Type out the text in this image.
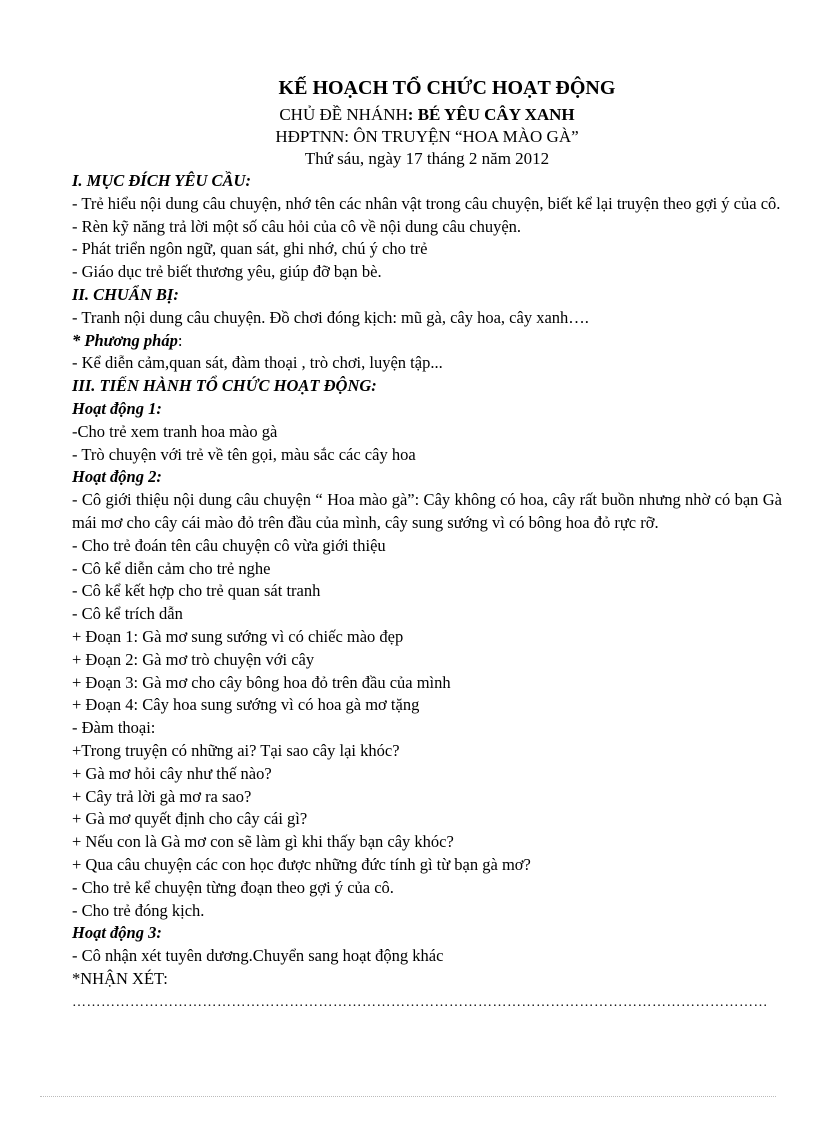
KẾ HOẠCH TỔ CHỨC HOẠT ĐỘNG
CHỦ ĐỀ NHÁNH: BÉ YÊU CÂY XANH
HĐPTNN: ÔN TRUYỆN “HOA MÀO GÀ”
Thứ sáu, ngày 17 tháng 2 năm 2012
I. MỤC ĐÍCH YÊU CẦU:
- Trẻ hiểu nội dung câu chuyện, nhớ tên các nhân vật trong câu chuyện, biết kể lại truyện theo gợi ý của cô.
- Rèn kỹ năng trả lời một số câu hỏi của cô về nội dung câu chuyện.
- Phát triển ngôn ngữ, quan sát, ghi nhớ, chú ý cho trẻ
- Giáo dục trẻ biết thương yêu, giúp đỡ bạn bè.
II. CHUẨN BỊ:
- Tranh nội dung câu chuyện. Đồ chơi đóng kịch: mũ gà, cây hoa, cây xanh….
* Phương pháp:
- Kể diễn cảm,quan sát, đàm thoại , trò chơi, luyện tập...
III. TIẾN HÀNH TỔ CHỨC HOẠT ĐỘNG:
Hoạt động 1:
-Cho trẻ xem tranh hoa mào gà
- Trò chuyện với trẻ về tên gọi, màu sắc các cây hoa
Hoạt động 2:
- Cô giới thiệu nội dung câu chuyện “ Hoa mào gà”: Cây không có hoa, cây rất buồn nhưng nhờ có bạn Gà mái mơ cho cây cái mào đỏ trên đầu của mình, cây sung sướng vì có bông hoa đỏ rực rỡ.
- Cho trẻ đoán tên câu chuyện cô vừa giới thiệu
- Cô kể diễn cảm cho trẻ nghe
- Cô kể kết hợp cho trẻ quan sát tranh
- Cô kể trích dẫn
+ Đoạn 1: Gà mơ sung sướng vì có chiếc mào đẹp
+ Đoạn 2: Gà mơ trò chuyện với cây
+ Đoạn 3: Gà mơ cho cây bông hoa đỏ trên đầu của mình
+ Đoạn 4: Cây hoa sung sướng vì có hoa gà mơ tặng
- Đàm thoại:
+Trong truyện có những ai? Tại sao cây lại khóc?
+ Gà mơ hỏi cây như thế nào?
+ Cây trả lời gà mơ ra sao?
+ Gà mơ quyết định cho cây cái gì?
+ Nếu con là Gà mơ con sẽ làm gì khi thấy bạn cây khóc?
+ Qua câu chuyện các con học được những đức tính gì từ bạn gà mơ?
- Cho trẻ kể chuyện từng đoạn theo gợi ý của cô.
- Cho trẻ đóng kịch.
Hoạt động 3:
- Cô nhận xét tuyên dương.Chuyển sang hoạt động khác
*NHẬN XÉT:
………………………………………………………………………………………………………………………………
